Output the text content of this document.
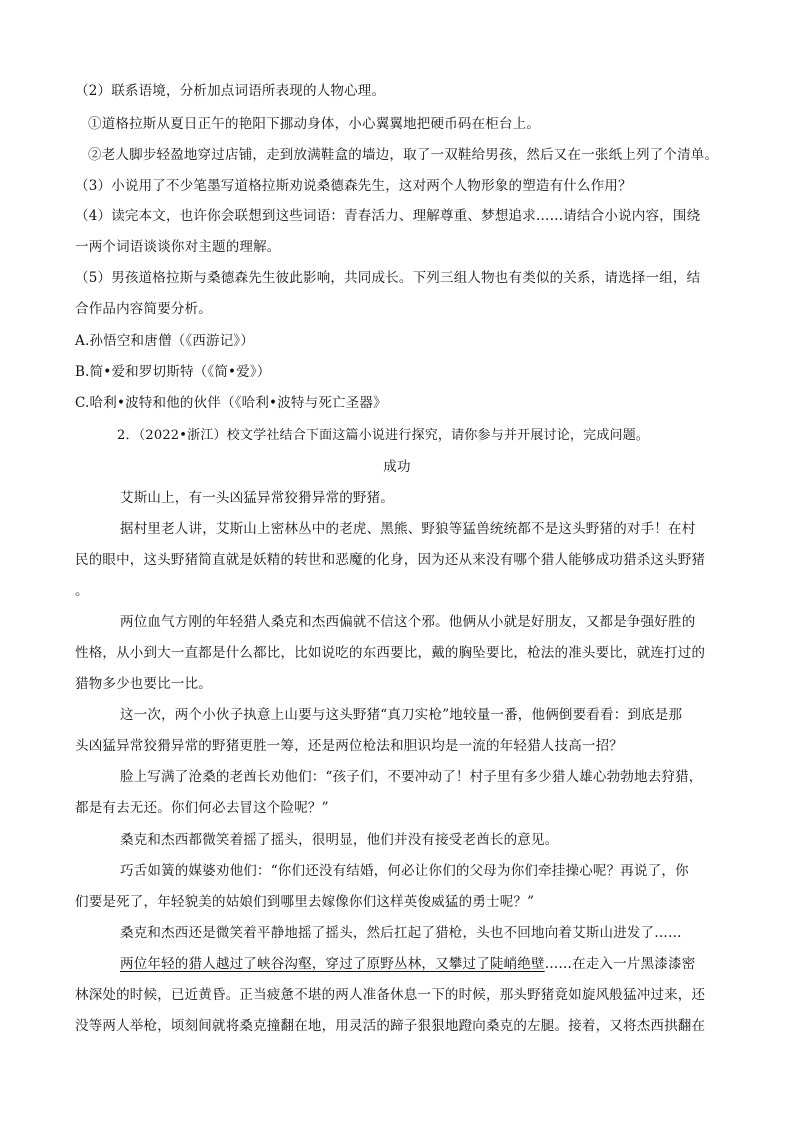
（2）联系语境，分析加点词语所表现的人物心理。
①道格拉斯从夏日正午的艳阳下挪动身体，小心翼翼地把硬币码在柜台上。
②老人脚步轻盈地穿过店铺，走到放满鞋盒的墙边，取了一双鞋给男孩，然后又在一张纸上列了个清单。
（3）小说用了不少笔墨写道格拉斯劝说桑德森先生，这对两个人物形象的塑造有什么作用？
（4）读完本文，也许你会联想到这些词语：青春活力、理解尊重、梦想追求……请结合小说内容，围绕
一两个词语谈谈你对主题的理解。
（5）男孩道格拉斯与桑德森先生彼此影响，共同成长。下列三组人物也有类似的关系，请选择一组，结
合作品内容简要分析。
A.孙悟空和唐僧（《西游记》）
B.简•爱和罗切斯特（《简•爱》）
C.哈利•波特和他的伙伴（《哈利•波特与死亡圣器》
2．（2022•浙江）校文学社结合下面这篇小说进行探究，请你参与并开展讨论，完成问题。
成功
艾斯山上，有一头凶猛异常狡猾异常的野猪。
据村里老人讲，艾斯山上密林丛中的老虎、黑熊、野狼等猛兽统统都不是这头野猪的对手！在村
民的眼中，这头野猪简直就是妖精的转世和恶魔的化身，因为还从来没有哪个猎人能够成功猎杀这头野猪
。
两位血气方刚的年轻猎人桑克和杰西偏就不信这个邪。他俩从小就是好朋友，又都是争强好胜的
性格，从小到大一直都是什么都比，比如说吃的东西要比，戴的胸坠要比，枪法的准头要比，就连打过的
猎物多少也要比一比。
这一次，两个小伙子执意上山要与这头野猪“真刀实枪”地较量一番，他俩倒要看看：到底是那
头凶猛异常狡猾异常的野猪更胜一筹，还是两位枪法和胆识均是一流的年轻猎人技高一招？
脸上写满了沧桑的老酋长劝他们：“孩子们，不要冲动了！村子里有多少猎人雄心勃勃地去狩猎，
都是有去无还。你们何必去冒这个险呢？”
桑克和杰西都微笑着摇了摇头，很明显，他们并没有接受老酋长的意见。
巧舌如簧的媒婆劝他们：“你们还没有结婚，何必让你们的父母为你们牵挂操心呢？再说了，你
们要是死了，年轻貌美的姑娘们到哪里去嫁像你们这样英俊威猛的勇士呢？”
桑克和杰西还是微笑着平静地摇了摇头，然后扛起了猎枪，头也不回地向着艾斯山进发了……
两位年轻的猎人越过了峡谷沟壑，穿过了原野丛林，又攀过了陡峭绝壁……在走入一片黑漆漆密
林深处的时候，已近黄昏。正当疲惫不堪的两人准备休息一下的时候，那头野猪竟如旋风般猛冲过来，还
没等两人举枪，顷刻间就将桑克撞翻在地，用灵活的蹄子狠狠地蹬向桑克的左腿。接着，又将杰西拱翻在
